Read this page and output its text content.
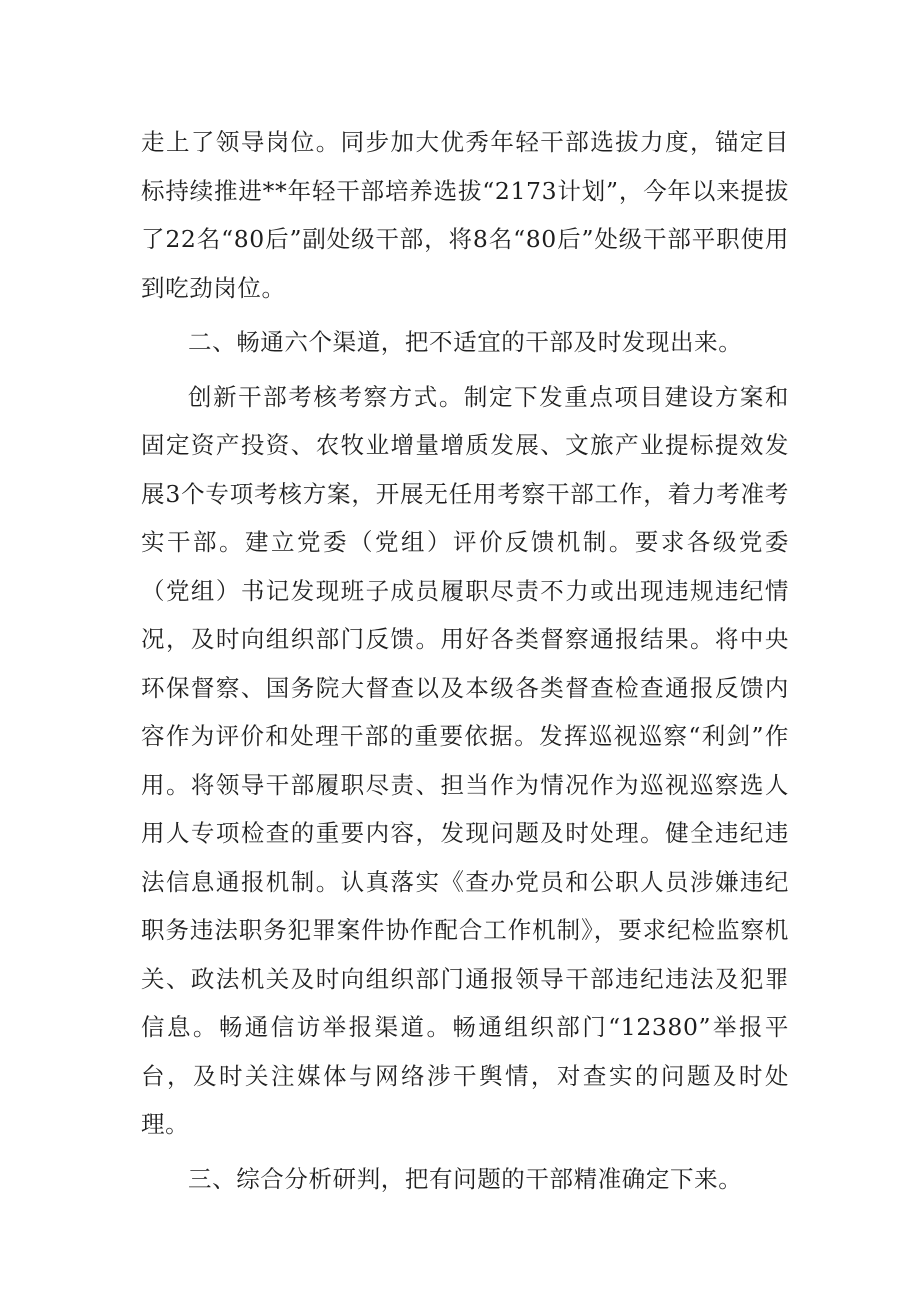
走上了领导岗位。同步加大优秀年轻干部选拔力度，锚定目标持续推进**年轻干部培养选拔“2173计划”，今年以来提拔了22名“80后”副处级干部，将8名“80后”处级干部平职使用到吃劲岗位。

二、畅通六个渠道，把不适宜的干部及时发现出来。

创新干部考核考察方式。制定下发重点项目建设方案和固定资产投资、农牧业增量增质发展、文旅产业提标提效发展3个专项考核方案，开展无任用考察干部工作，着力考准考实干部。建立党委（党组）评价反馈机制。要求各级党委（党组）书记发现班子成员履职尽责不力或出现违规违纪情况，及时向组织部门反馈。用好各类督察通报结果。将中央环保督察、国务院大督查以及本级各类督查检查通报反馈内容作为评价和处理干部的重要依据。发挥巡视巡察“利剑”作用。将领导干部履职尽责、担当作为情况作为巡视巡察选人用人专项检查的重要内容，发现问题及时处理。健全违纪违法信息通报机制。认真落实《查办党员和公职人员涉嫌违纪职务违法职务犯罪案件协作配合工作机制》，要求纪检监察机关、政法机关及时向组织部门通报领导干部违纪违法及犯罪信息。畅通信访举报渠道。畅通组织部门“12380”举报平台，及时关注媒体与网络涉干舆情，对查实的问题及时处理。

三、综合分析研判，把有问题的干部精准确定下来。
